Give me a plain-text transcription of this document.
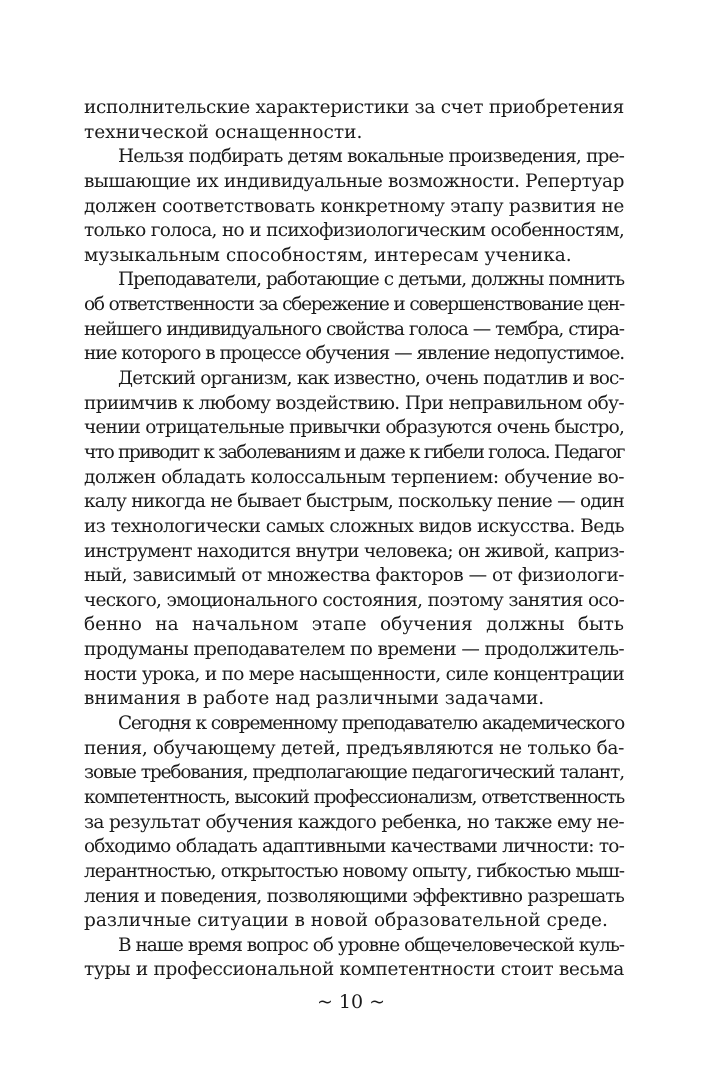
исполнительские характеристики за счет приобретения
технической оснащенности.
Нельзя подбирать детям вокальные произведения, пре-
вышающие их индивидуальные возможности. Репертуар
должен соответствовать конкретному этапу развития не
только голоса, но и психофизиологическим особенностям,
музыкальным способностям, интересам ученика.
Преподаватели, работающие с детьми, должны помнить
об ответственности за сбережение и совершенствование цен-
нейшего индивидуального свойства голоса — тембра, стира-
ние которого в процессе обучения — явление недопустимое.
Детский организм, как известно, очень податлив и вос-
приимчив к любому воздействию. При неправильном обу-
чении отрицательные привычки образуются очень быстро,
что приводит к заболеваниям и даже к гибели голоса. Педагог
должен обладать колоссальным терпением: обучение во-
калу никогда не бывает быстрым, поскольку пение — один
из технологически самых сложных видов искусства. Ведь
инструмент находится внутри человека; он живой, каприз-
ный, зависимый от множества факторов — от физиологи-
ческого, эмоционального состояния, поэтому занятия осо-
бенно на начальном этапе обучения должны быть
продуманы преподавателем по времени — продолжитель-
ности урока, и по мере насыщенности, силе концентрации
внимания в работе над различными задачами.
Сегодня к современному преподавателю академического
пения, обучающему детей, предъявляются не только ба-
зовые требования, предполагающие педагогический талант,
компетентность, высокий профессионализм, ответственность
за результат обучения каждого ребенка, но также ему не-
обходимо обладать адаптивными качествами личности: то-
лерантностью, открытостью новому опыту, гибкостью мыш-
ления и поведения, позволяющими эффективно разрешать
различные ситуации в новой образовательной среде.
В наше время вопрос об уровне общечеловеческой куль-
туры и профессиональной компетентности стоит весьма
~ 10 ~
